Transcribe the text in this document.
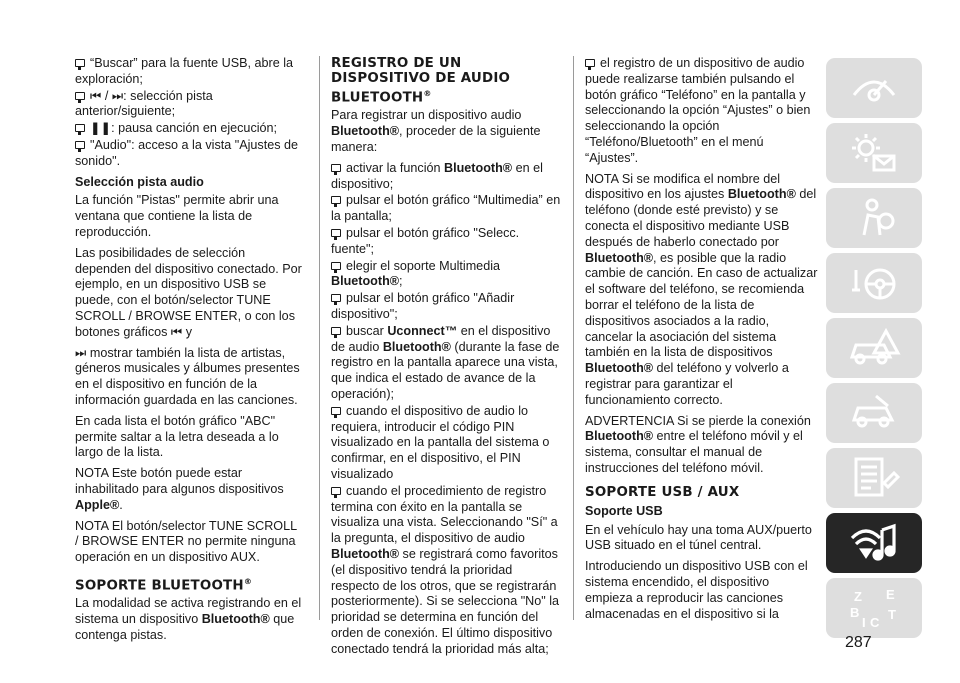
“Buscar” para la fuente USB, abre la exploración;

⏮ / ⏭: selección pista anterior/siguiente;

❚❚: pausa canción en ejecución;

"Audio": acceso a la vista "Ajustes de sonido".

Selección pista audio

La función "Pistas" permite abrir una ventana que contiene la lista de reproducción.

Las posibilidades de selección dependen del dispositivo conectado. Por ejemplo, en un dispositivo USB se puede, con el botón/selector TUNE SCROLL / BROWSE ENTER, o con los botones gráficos ⏮ y

⏭ mostrar también la lista de artistas, géneros musicales y álbumes presentes en el dispositivo en función de la información guardada en las canciones.

En cada lista el botón gráfico "ABC" permite saltar a la letra deseada a lo largo de la lista.

NOTA Este botón puede estar inhabilitado para algunos dispositivos Apple®.

NOTA El botón/selector TUNE SCROLL / BROWSE ENTER no permite ninguna operación en un dispositivo AUX.

SOPORTE BLUETOOTH®

La modalidad se activa registrando en el sistema un dispositivo Bluetooth® que contenga pistas.

REGISTRO DE UN DISPOSITIVO DE AUDIO BLUETOOTH®

Para registrar un dispositivo audio Bluetooth®, proceder de la siguiente manera:

activar la función Bluetooth® en el dispositivo;

pulsar el botón gráfico “Multimedia” en la pantalla;

pulsar el botón gráfico "Selecc. fuente";

elegir el soporte Multimedia Bluetooth®;

pulsar el botón gráfico "Añadir dispositivo";

buscar Uconnect™ en el dispositivo de audio Bluetooth® (durante la fase de registro en la pantalla aparece una vista, que indica el estado de avance de la operación);

cuando el dispositivo de audio lo requiera, introducir el código PIN visualizado en la pantalla del sistema o confirmar, en el dispositivo, el PIN visualizado

cuando el procedimiento de registro termina con éxito en la pantalla se visualiza una vista. Seleccionando "Sí" a la pregunta, el dispositivo de audio Bluetooth® se registrará como favoritos (el dispositivo tendrá la prioridad respecto de los otros, que se registrarán posteriormente). Si se selecciona "No" la prioridad se determina en función del orden de conexión. El último dispositivo conectado tendrá la prioridad más alta;

el registro de un dispositivo de audio puede realizarse también pulsando el botón gráfico “Teléfono” en la pantalla y seleccionando la opción “Ajustes” o bien seleccionando la opción “Teléfono/Bluetooth” en el menú “Ajustes”.

NOTA Si se modifica el nombre del dispositivo en los ajustes Bluetooth® del teléfono (donde esté previsto) y se conecta el dispositivo mediante USB después de haberlo conectado por Bluetooth®, es posible que la radio cambie de canción. En caso de actualizar el software del teléfono, se recomienda borrar el teléfono de la lista de dispositivos asociados a la radio, cancelar la asociación del sistema también en la lista de dispositivos Bluetooth® del teléfono y volverlo a registrar para garantizar el funcionamiento correcto.

ADVERTENCIA Si se pierde la conexión Bluetooth® entre el teléfono móvil y el sistema, consultar el manual de instrucciones del teléfono móvil.

SOPORTE USB / AUX
Soporte USB

En el vehículo hay una toma AUX/puerto USB situado en el túnel central.

Introduciendo un dispositivo USB con el sistema encendido, el dispositivo empieza a reproducir las canciones almacenadas en el dispositivo si la

Z E
B
C
I
T
287
